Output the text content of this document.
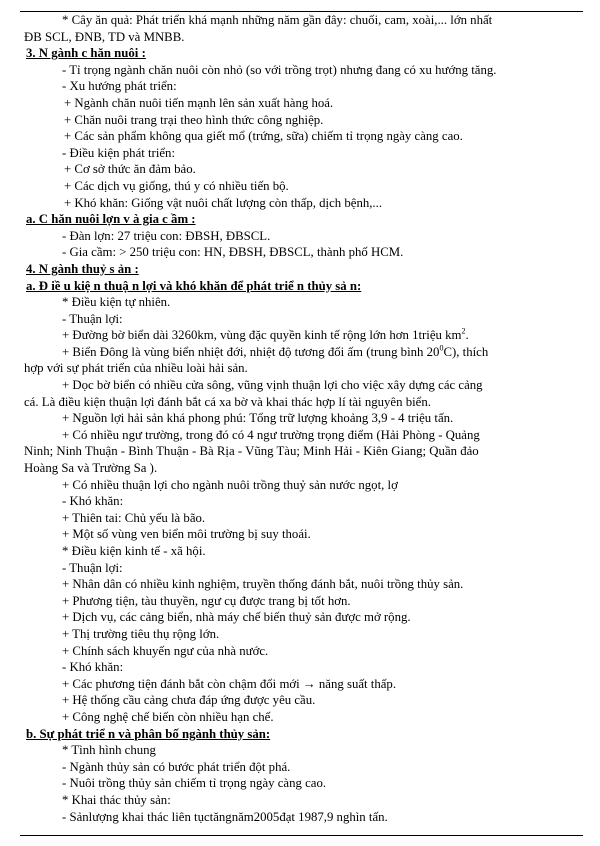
* Cây ăn quả: Phát triển khá mạnh những năm gần đây: chuối, cam, xoài,... lớn nhất
ĐB SCL, ĐNB, TD và MNBB.
3. N gành c hăn nuôi :
- Tỉ trọng ngành chăn nuôi còn nhỏ (so với trồng trọt) nhưng đang có xu hướng tăng.
- Xu hướng phát triển:
+ Ngành chăn nuôi tiến mạnh lên sản xuất hàng hoá.
+ Chăn nuôi trang trại theo hình thức công nghiệp.
+ Các sản phẩm không qua giết mổ (trứng, sữa) chiếm tỉ trọng ngày càng cao.
- Điều kiện phát triển:
+ Cơ sở thức ăn đảm bảo.
+ Các dịch vụ giống, thú y có nhiều tiến bộ.
+ Khó khăn: Giống vật nuôi chất lượng còn thấp, dịch bệnh,...
a. C hăn nuôi lợn v à gia c ầm :
- Đàn lợn: 27 triệu con: ĐBSH, ĐBSCL.
- Gia cầm: > 250 triệu con: HN, ĐBSH, ĐBSCL, thành phố HCM.
4. N gành thuỷ s ản :
a. Đ iề u kiệ n thuậ n lợi và khó khăn để phát triể n thủy sả n:
* Điều kiện tự nhiên.
- Thuận lợi:
+ Đường bờ biển dài 3260km, vùng đặc quyền kinh tế rộng lớn hơn 1triệu $km^2$.
+ Biển Đông là vùng biển nhiệt đới, nhiệt độ tương đối ấm (trung bình $20^0C$), thích
hợp với sự phát triển của nhiều loài hải sản.
+ Dọc bờ biển có nhiều cửa sông, vũng vịnh thuận lợi cho việc xây dựng các cảng
cá. Là điều kiện thuận lợi đánh bắt cá xa bờ và khai thác hợp lí tài nguyên biển.
+ Nguồn lợi hải sản khá phong phú: Tổng trữ lượng khoảng 3,9 - 4 triệu tấn.
+ Có nhiều ngư trường, trong đó có 4 ngư trường trọng điểm (Hải Phòng - Quảng
Ninh; Ninh Thuận - Bình Thuận - Bà Rịa - Vũng Tàu; Minh Hải - Kiên Giang; Quần đảo
Hoàng Sa và Trường Sa ).
+ Có nhiều thuận lợi cho ngành nuôi trồng thuỷ sản nước ngọt, lợ
- Khó khăn:
+ Thiên tai: Chủ yếu là bão.
+ Một số vùng ven biển môi trường bị suy thoái.
* Điều kiện kinh tế - xã hội.
- Thuận lợi:
+ Nhân dân có nhiều kinh nghiệm, truyền thống đánh bắt, nuôi trồng thủy sản.
+ Phương tiện, tàu thuyền, ngư cụ được trang bị tốt hơn.
+ Dịch vụ, các cảng biển, nhà máy chế biến thuỷ sản được mở rộng.
+ Thị trường tiêu thụ rộng lớn.
+ Chính sách khuyến ngư của nhà nước.
- Khó khăn:
+ Các phương tiện đánh bắt còn chậm đổi mới → năng suất thấp.
+ Hệ thống cầu cảng chưa đáp ứng được yêu cầu.
+ Công nghệ chế biến còn nhiều hạn chế.
b. Sự phát triể n và phân bố ngành thủy sản:
* Tình hình chung
- Ngành thủy sản có bước phát triển đột phá.
- Nuôi trồng thủy sản chiếm tỉ trọng ngày càng cao.
* Khai thác thủy sản:
- Sảnlượng khai thác liên tụctăngnăm2005đạt 1987,9 nghìn tấn.
